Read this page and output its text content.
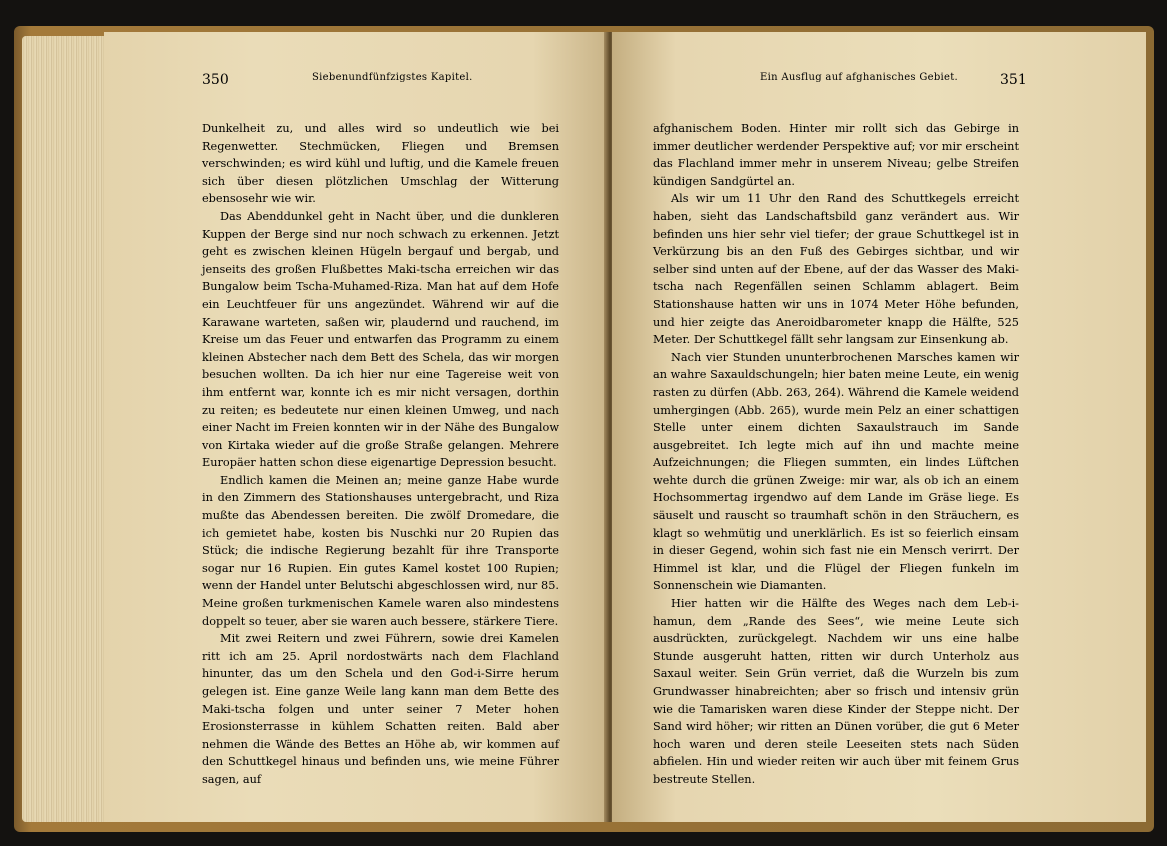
350	Siebenundfünfzigstes Kapitel.	Ein Ausflug auf afghanisches Gebiet.	351

Dunkelheit zu, und alles wird so undeutlich wie bei Regenwetter. Stechmücken, Fliegen und Bremsen verschwinden; es wird kühl und luftig, und die Kamele freuen sich über diesen plötzlichen Umschlag der Witterung ebensosehr wie wir.

Das Abenddunkel geht in Nacht über, und die dunkleren Kuppen der Berge sind nur noch schwach zu erkennen. Jetzt geht es zwischen kleinen Hügeln bergauf und bergab, und jenseits des großen Flußbettes Maki-tscha erreichen wir das Bungalow beim Tscha-Muhamed-Riza. Man hat auf dem Hofe ein Leuchtfeuer für uns angezündet. Während wir auf die Karawane warteten, saßen wir, plaudernd und rauchend, im Kreise um das Feuer und entwarfen das Programm zu einem kleinen Abstecher nach dem Bett des Schela, das wir morgen besuchen wollten. Da ich hier nur eine Tagereise weit von ihm entfernt war, konnte ich es mir nicht versagen, dorthin zu reiten; es bedeutete nur einen kleinen Umweg, und nach einer Nacht im Freien konnten wir in der Nähe des Bungalow von Kirtaka wieder auf die große Straße gelangen. Mehrere Europäer hatten schon diese eigenartige Depression besucht.

Endlich kamen die Meinen an; meine ganze Habe wurde in den Zimmern des Stationshauses untergebracht, und Riza mußte das Abendessen bereiten. Die zwölf Dromedare, die ich gemietet habe, kosten bis Nuschki nur 20 Rupien das Stück; die indische Regierung bezahlt für ihre Transporte sogar nur 16 Rupien. Ein gutes Kamel kostet 100 Rupien; wenn der Handel unter Belutschi abgeschlossen wird, nur 85. Meine großen turkmenischen Kamele waren also mindestens doppelt so teuer, aber sie waren auch bessere, stärkere Tiere.

Mit zwei Reitern und zwei Führern, sowie drei Kamelen ritt ich am 25. April nordostwärts nach dem Flachland hinunter, das um den Schela und den God-i-Sirre herum gelegen ist. Eine ganze Weile lang kann man dem Bette des Maki-tscha folgen und unter seiner 7 Meter hohen Erosionsterrasse in kühlem Schatten reiten. Bald aber nehmen die Wände des Bettes an Höhe ab, wir kommen auf den Schuttkegel hinaus und befinden uns, wie meine Führer sagen, auf

afghanischem Boden. Hinter mir rollt sich das Gebirge in immer deutlicher werdender Perspektive auf; vor mir erscheint das Flachland immer mehr in unserem Niveau; gelbe Streifen kündigen Sandgürtel an.

Als wir um 11 Uhr den Rand des Schuttkegels erreicht haben, sieht das Landschaftsbild ganz verändert aus. Wir befinden uns hier sehr viel tiefer; der graue Schuttkegel ist in Verkürzung bis an den Fuß des Gebirges sichtbar, und wir selber sind unten auf der Ebene, auf der das Wasser des Maki-tscha nach Regenfällen seinen Schlamm ablagert. Beim Stationshause hatten wir uns in 1074 Meter Höhe befunden, und hier zeigte das Aneroidbarometer knapp die Hälfte, 525 Meter. Der Schuttkegel fällt sehr langsam zur Einsenkung ab.

Nach vier Stunden ununterbrochenen Marsches kamen wir an wahre Saxauldschungeln; hier baten meine Leute, ein wenig rasten zu dürfen (Abb. 263, 264). Während die Kamele weidend umhergingen (Abb. 265), wurde mein Pelz an einer schattigen Stelle unter einem dichten Saxaulstrauch im Sande ausgebreitet. Ich legte mich auf ihn und machte meine Aufzeichnungen; die Fliegen summten, ein lindes Lüftchen wehte durch die grünen Zweige: mir war, als ob ich an einem Hochsommertag irgendwo auf dem Lande im Gräse liege. Es säuselt und rauscht so traumhaft schön in den Sträuchern, es klagt so wehmütig und unerklärlich. Es ist so feierlich einsam in dieser Gegend, wohin sich fast nie ein Mensch verirrt. Der Himmel ist klar, und die Flügel der Fliegen funkeln im Sonnenschein wie Diamanten.

Hier hatten wir die Hälfte des Weges nach dem Leb-i-hamun, dem „Rande des Sees“, wie meine Leute sich ausdrückten, zurückgelegt. Nachdem wir uns eine halbe Stunde ausgeruht hatten, ritten wir durch Unterholz aus Saxaul weiter. Sein Grün verriet, daß die Wurzeln bis zum Grundwasser hinabreichten; aber so frisch und intensiv grün wie die Tamarisken waren diese Kinder der Steppe nicht. Der Sand wird höher; wir ritten an Dünen vorüber, die gut 6 Meter hoch waren und deren steile Leeseiten stets nach Süden abfielen. Hin und wieder reiten wir auch über mit feinem Grus bestreute Stellen.
